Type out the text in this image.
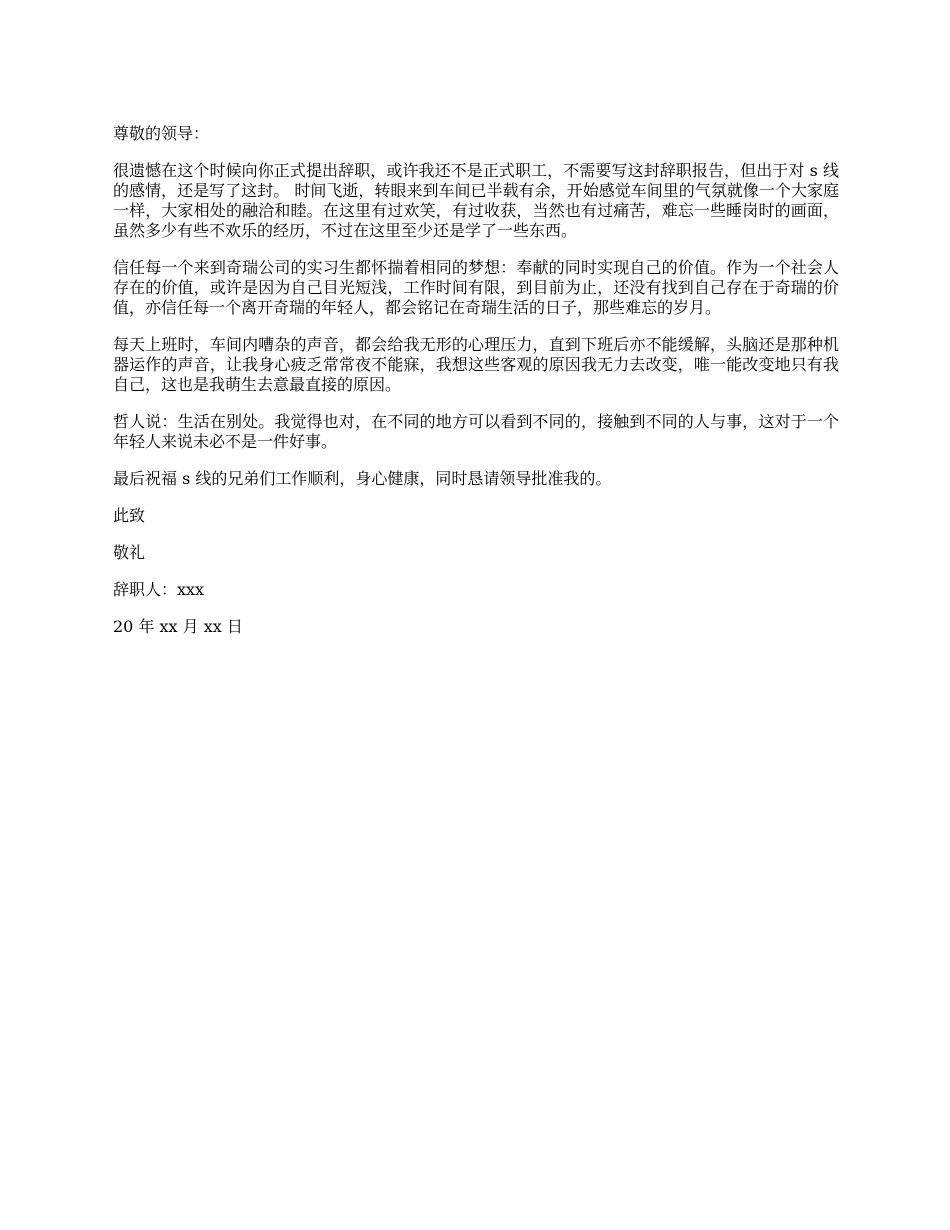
尊敬的领导：

很遗憾在这个时候向你正式提出辞职，或许我还不是正式职工，不需要写这封辞职报告，但出于对 s 线的感情，还是写了这封。 时间飞逝，转眼来到车间已半载有余，开始感觉车间里的气氛就像一个大家庭一样，大家相处的融洽和睦。在这里有过欢笑，有过收获，当然也有过痛苦，难忘一些睡岗时的画面，虽然多少有些不欢乐的经历，不过在这里至少还是学了一些东西。

信任每一个来到奇瑞公司的实习生都怀揣着相同的梦想：奉献的同时实现自己的价值。作为一个社会人存在的价值，或许是因为自己目光短浅，工作时间有限，到目前为止，还没有找到自己存在于奇瑞的价值，亦信任每一个离开奇瑞的年轻人，都会铭记在奇瑞生活的日子，那些难忘的岁月。

每天上班时，车间内嘈杂的声音，都会给我无形的心理压力，直到下班后亦不能缓解，头脑还是那种机器运作的声音，让我身心疲乏常常夜不能寐，我想这些客观的原因我无力去改变，唯一能改变地只有我自己，这也是我萌生去意最直接的原因。

哲人说：生活在别处。我觉得也对，在不同的地方可以看到不同的，接触到不同的人与事，这对于一个年轻人来说未必不是一件好事。

最后祝福 s 线的兄弟们工作顺利，身心健康，同时恳请领导批准我的。

此致

敬礼

辞职人：xxx

20 年 xx 月 xx 日
